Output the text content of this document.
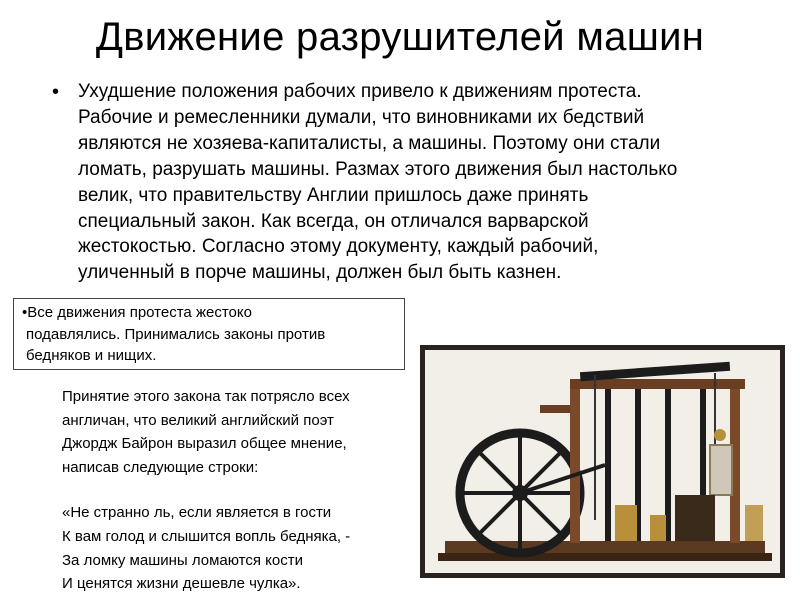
Движение разрушителей машин
• Ухудшение положения рабочих привело к движениям протеста.
Рабочие и ремесленники думали, что виновниками их бедствий
являются не хозяева-капиталисты, а машины. Поэтому они стали
ломать, разрушать машины. Размах этого движения был настолько
велик, что правительству Англии пришлось даже принять
специальный закон. Как всегда, он отличался варварской
жестокостью. Согласно этому документу, каждый рабочий,
уличенный в порче машины, должен был быть казнен.
•Все движения протеста жестоко
подавлялись. Принимались законы против
бедняков и нищих.
Принятие этого закона так потрясло всех
англичан, что великий английский поэт
Джордж Байрон выразил общее мнение,
написав следующие строки:
«Не странно ль, если является в гости
К вам голод и слышится вопль бедняка, -
За ломку машины ломаются кости
И ценятся жизни дешевле чулка».
